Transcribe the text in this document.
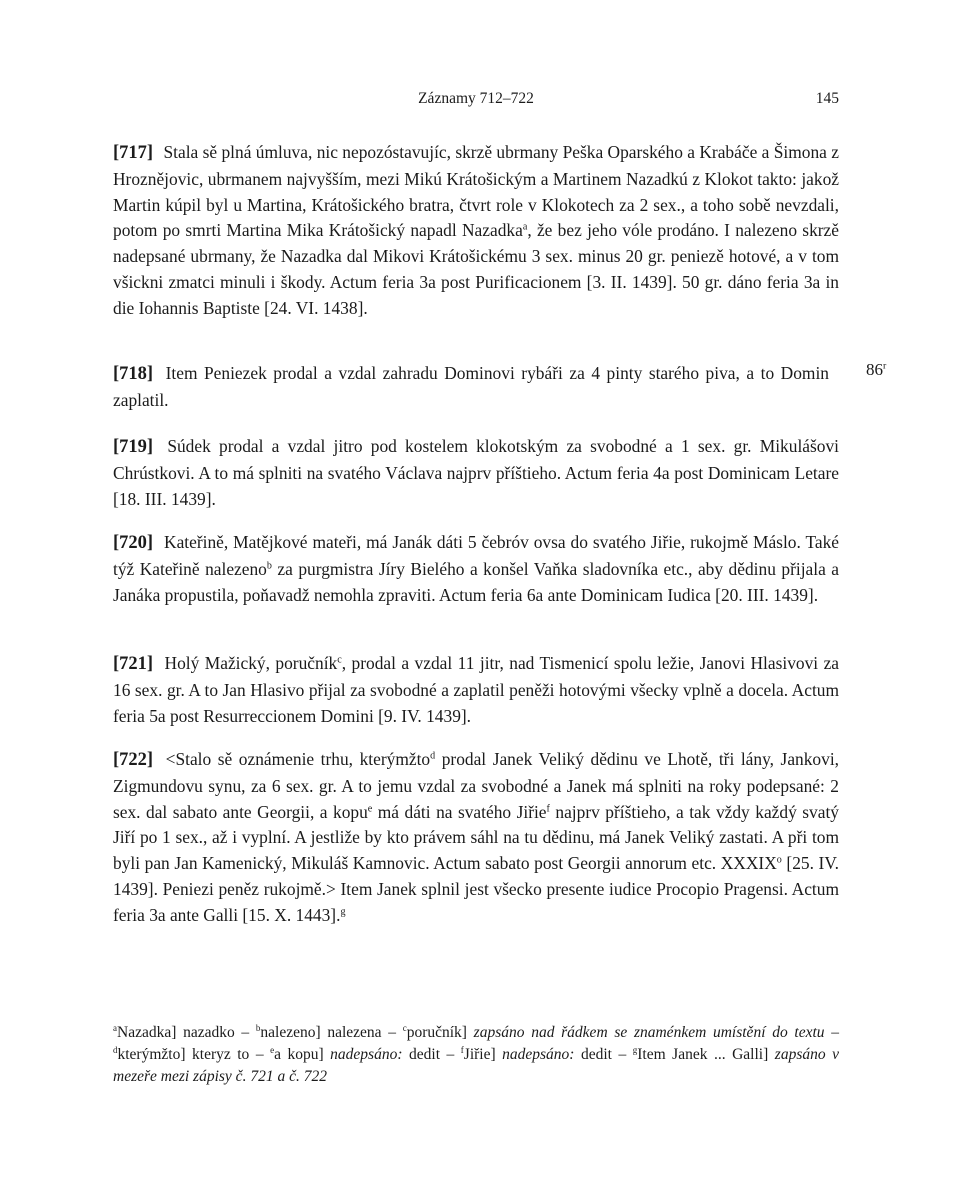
Záznamy 712–722	145
86$^r$
[717] Stala sě plná úmluva, nic nepozóstavujíc, skrzě ubrmany Peška Oparského a Krabáče a Šimona z Hroznějovic, ubrmanem najvyšším, mezi Mikú Krátošickým a Martinem Nazadkú z Klokot takto: jakož Martin kúpil byl u Martina, Krátošického bratra, čtvrt role v Klokotech za 2 sex., a toho sobě nevzdali, potom po smrti Martina Mika Krátošický napadl Nazadka$^a$, že bez jeho vóle prodáno. I nalezeno skrzě nadepsané ubrmany, že Nazadka dal Mikovi Krátošickému 3 sex. minus 20 gr. peniezě hotové, a v tom všickni zmatci minuli i škody. Actum feria 3a post Purificacionem [3. II. 1439]. 50 gr. dáno feria 3a in die Iohannis Baptiste [24. VI. 1438].
[718] Item Peniezek prodal a vzdal zahradu Dominovi rybáři za 4 pinty starého piva, a to Domin zaplatil.
[719] Súdek prodal a vzdal jitro pod kostelem klokotským za svobodné a 1 sex. gr. Mikulášovi Chrústkovi. A to má splniti na svatého Václava najprv příštieho. Actum feria 4a post Dominicam Letare [18. III. 1439].
[720] Kateřině, Matějkové mateři, má Janák dáti 5 čebróv ovsa do svatého Jiřie, rukojmě Máslo. Také týž Kateřině nalezeno$^b$ za purgmistra Jíry Bielého a konšel Vaňka sladovníka etc., aby dědinu přijala a Janáka propustila, poňavadž nemohla zpraviti. Actum feria 6a ante Dominicam Iudica [20. III. 1439].
[721] Holý Mažický, poručník$^c$, prodal a vzdal 11 jitr, nad Tismenicí spolu ležie, Janovi Hlasivovi za 16 sex. gr. A to Jan Hlasivo přijal za svobodné a zaplatil peněži hotovými všecky vplně a docela. Actum feria 5a post Resurreccionem Domini [9. IV. 1439].
[722] <Stalo sě oznámenie trhu, kterýmžto$^d$ prodal Janek Veliký dědinu ve Lhotě, tři lány, Jankovi, Zigmundovu synu, za 6 sex. gr. A to jemu vzdal za svobodné a Janek má splniti na roky podepsané: 2 sex. dal sabato ante Georgii, a kopu$^e$ má dáti na svatého Jiřie$^f$ najprv příštieho, a tak vždy každý svatý Jiří po 1 sex., až i vyplní. A jestliže by kto právem sáhl na tu dědinu, má Janek Veliký zastati. A při tom byli pan Jan Kamenický, Mikuláš Kamnovic. Actum sabato post Georgii annorum etc. XXXIX$^o$ [25. IV. 1439]. Peniezi peněz rukojmě.> Item Janek splnil jest všecko presente iudice Procopio Pragensi. Actum feria 3a ante Galli [15. X. 1443].$^g$
$^a$Nazadka] nazadko – $^b$nalezeno] nalezena – $^c$poručník] zapsáno nad řádkem se znaménkem umístění do textu – $^d$kterýmžto] kteryz to – $^e$a kopu] nadepsáno: dedit – $^f$Jiřie] nadepsáno: dedit – $^g$Item Janek ... Galli] zapsáno v mezeře mezi zápisy č. 721 a č. 722
